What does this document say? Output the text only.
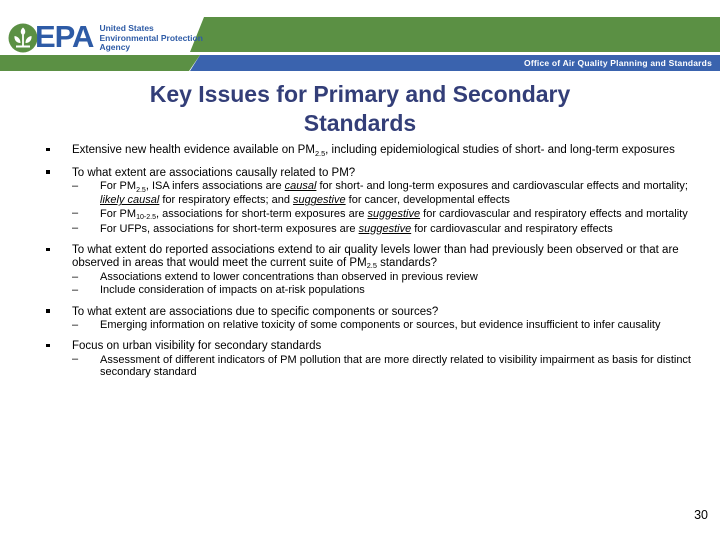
Office of Air Quality Planning and Standards
EPA United States
Environmental Protection
Agency
Key Issues for Primary and Secondary
Standards
Extensive new health evidence available on $PM_{2.5}$, including epidemiological studies of short- and long-term exposures
To what extent are associations causally related to PM?
– For $PM_{2.5}$, ISA infers associations are causal for short- and long-term exposures and cardiovascular effects and mortality; likely causal for respiratory effects; and suggestive for cancer, developmental effects
– For $PM_{10-2.5}$, associations for short-term exposures are suggestive for cardiovascular and respiratory effects and mortality
– For UFPs, associations for short-term exposures are suggestive for cardiovascular and respiratory effects
To what extent do reported associations extend to air quality levels lower than had previously been observed or that are observed in areas that would meet the current suite of $PM_{2.5}$ standards?
– Associations extend to lower concentrations than observed in previous review
– Include consideration of impacts on at-risk populations
To what extent are associations due to specific components or sources?
– Emerging information on relative toxicity of some components or sources, but evidence insufficient to infer causality
Focus on urban visibility for secondary standards
– Assessment of different indicators of PM pollution that are more directly related to visibility impairment as basis for distinct secondary standard
30
